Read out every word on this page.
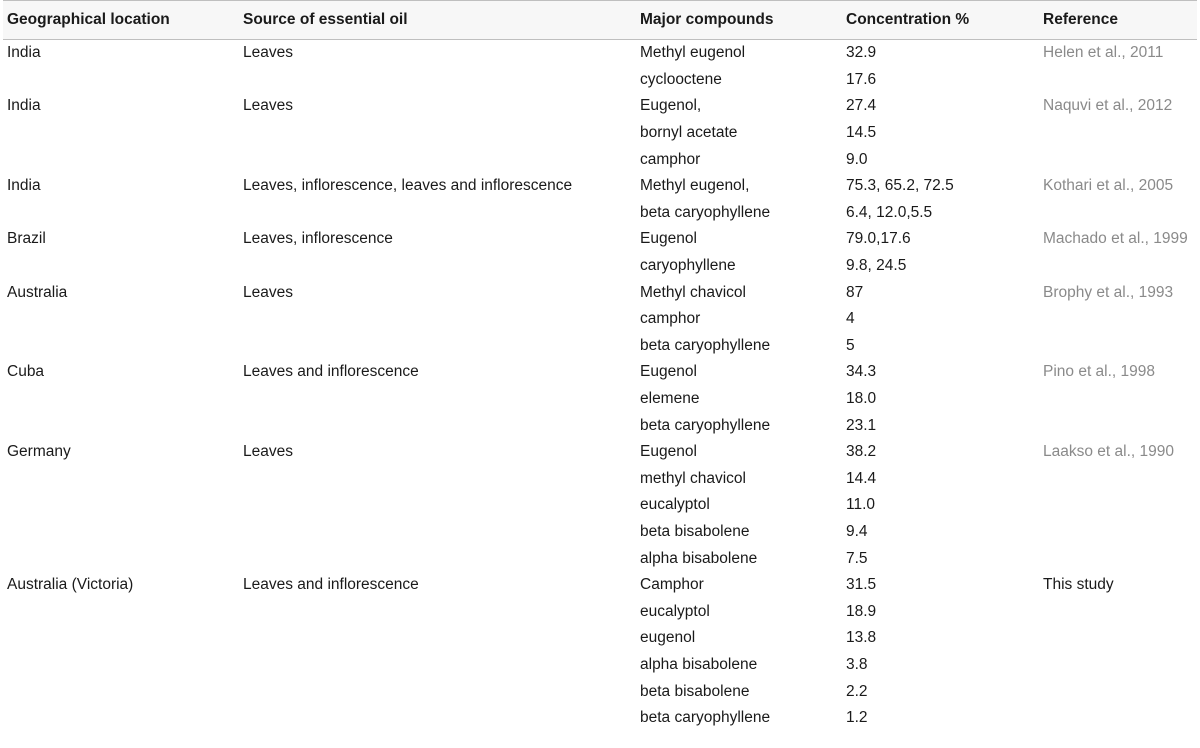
Geographical location	Source of essential oil	Major compounds	Concentration %	Reference
India	Leaves	Methyl eugenol	32.9	Helen et al., 2011
		cyclooctene	17.6	
India	Leaves	Eugenol,	27.4	Naquvi et al., 2012
		bornyl acetate	14.5	
		camphor	9.0	
India	Leaves, inflorescence, leaves and inflorescence	Methyl eugenol,	75.3, 65.2, 72.5	Kothari et al., 2005
		beta caryophyllene	6.4, 12.0,5.5	
Brazil	Leaves, inflorescence	Eugenol	79.0,17.6	Machado et al., 1999
		caryophyllene	9.8, 24.5	
Australia	Leaves	Methyl chavicol	87	Brophy et al., 1993
		camphor	4	
		beta caryophyllene	5	
Cuba	Leaves and inflorescence	Eugenol	34.3	Pino et al., 1998
		elemene	18.0	
		beta caryophyllene	23.1	
Germany	Leaves	Eugenol	38.2	Laakso et al., 1990
		methyl chavicol	14.4	
		eucalyptol	11.0	
		beta bisabolene	9.4	
		alpha bisabolene	7.5	
Australia (Victoria)	Leaves and inflorescence	Camphor	31.5	This study
		eucalyptol	18.9	
		eugenol	13.8	
		alpha bisabolene	3.8	
		beta bisabolene	2.2	
		beta caryophyllene	1.2	
